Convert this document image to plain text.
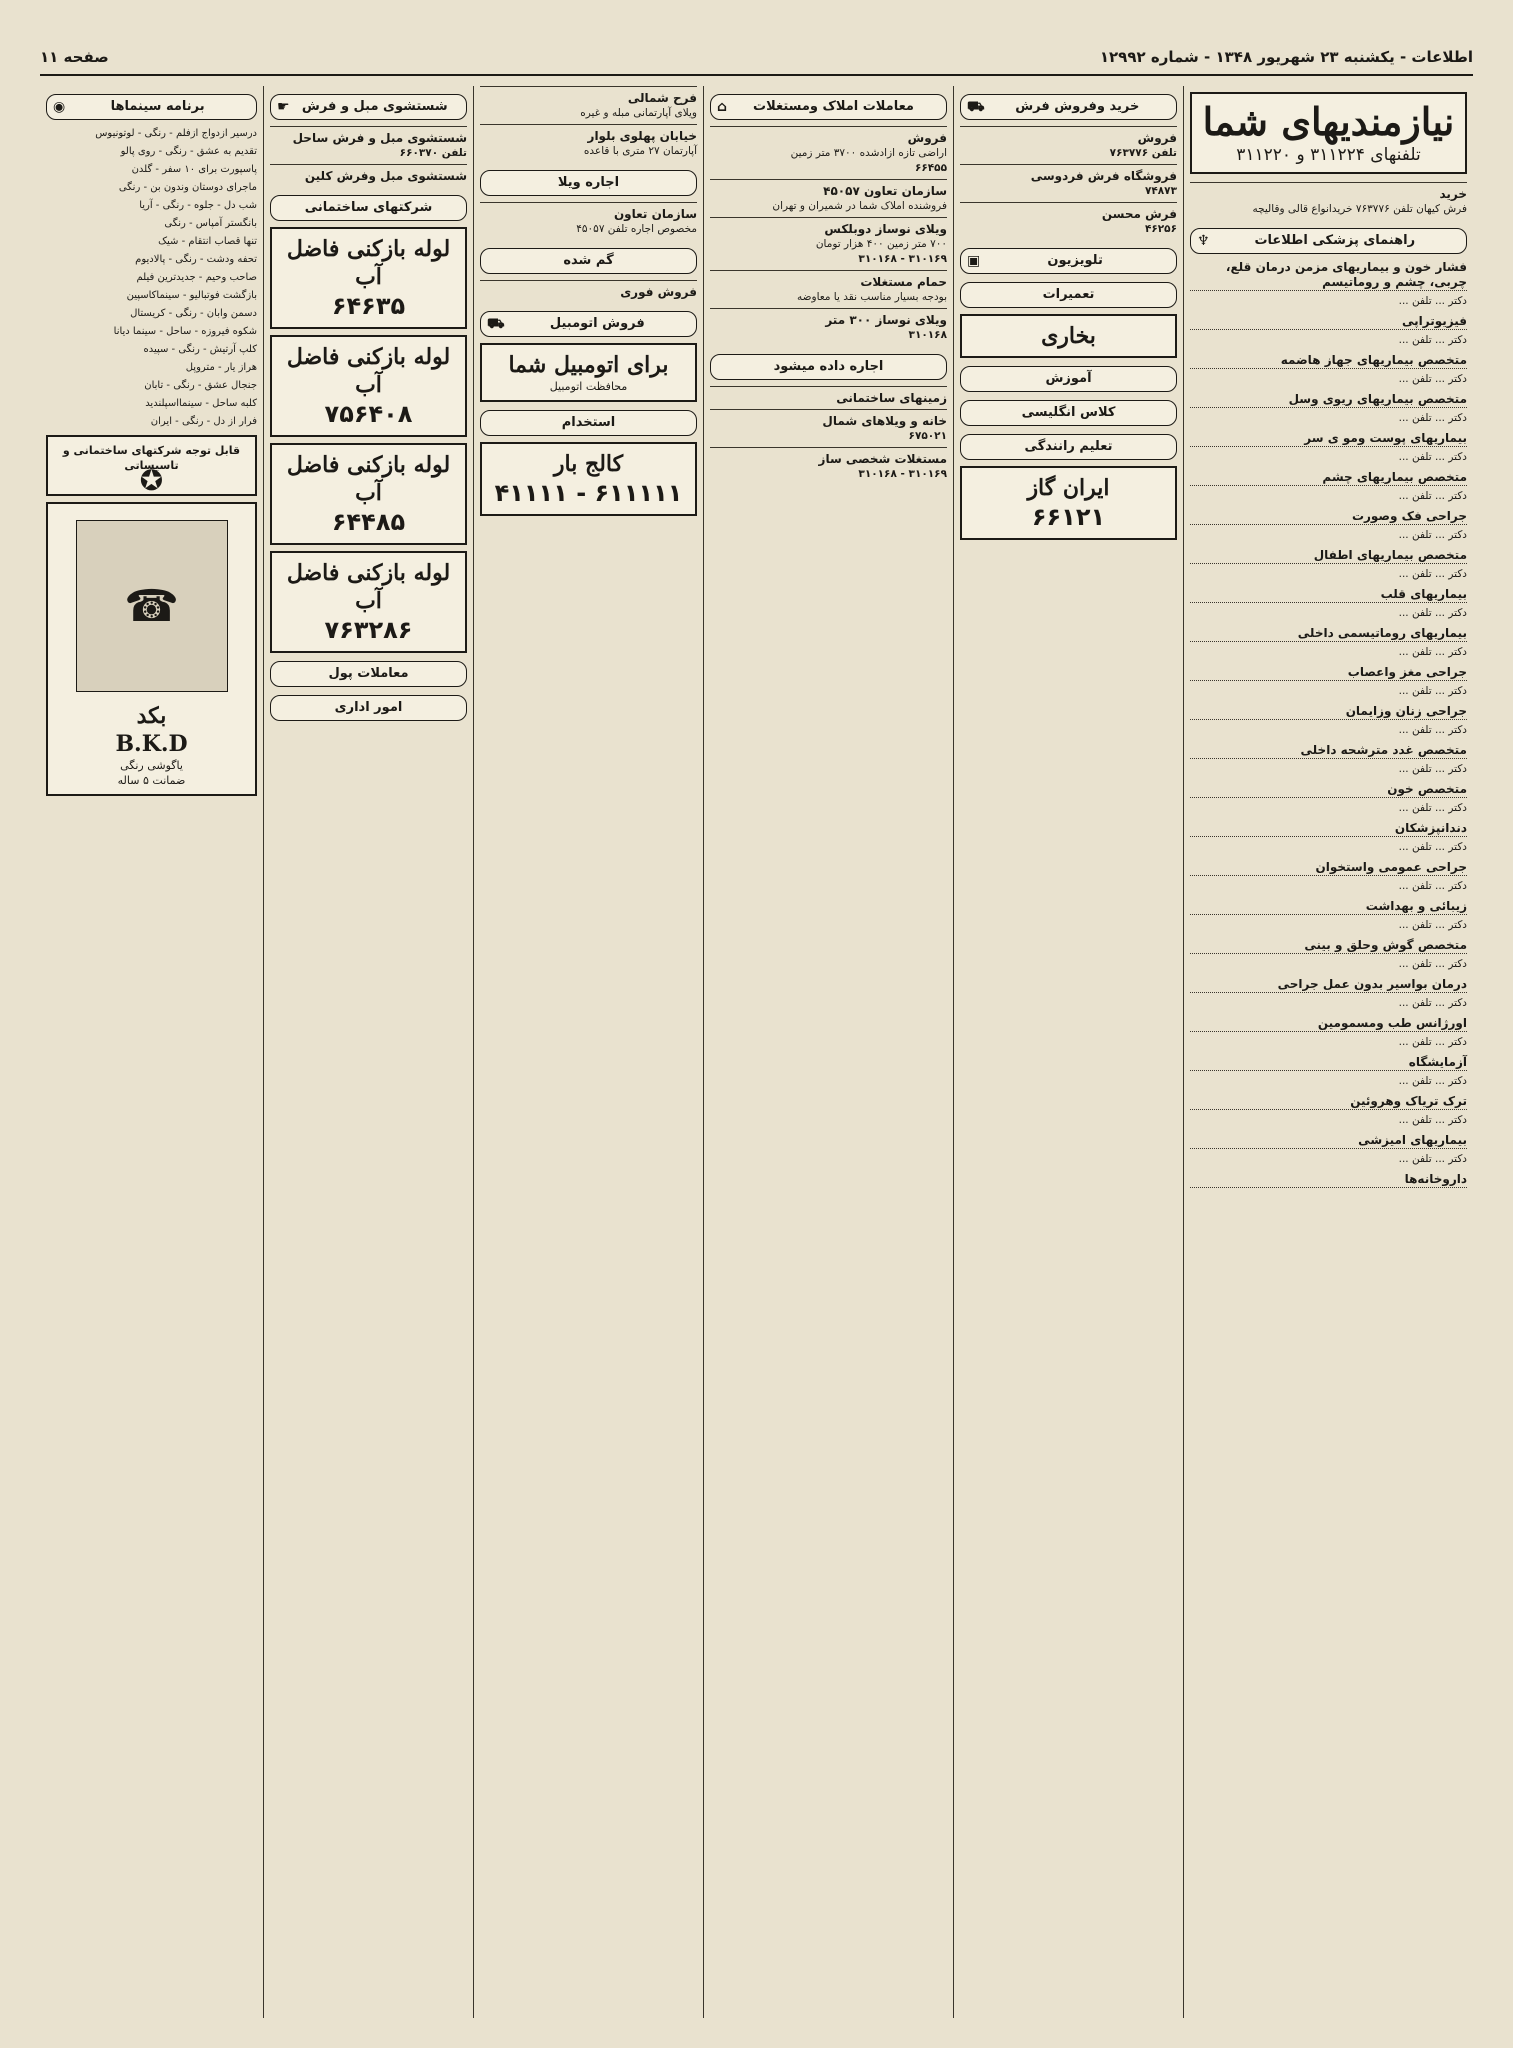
اطلاعات - یکشنبه ۲۳ شهریور ۱۳۴۸ - شماره ۱۲۹۹۲
صفحه ۱۱
نیازمندیهای شما
تلفنهای ۳۱۱۲۲۴ و ۳۱۱۲۲۰
خرید
فرش کیهان تلفن ۷۶۳۷۷۶ خریدانواع قالی وقالیچه
♆	راهنمای پزشکی اطلاعات
فشار خون و بیماریهای مزمن درمان قلع، چربی، چشم و روماتیسم
دکتر ... تلفن ...
فیزیوتراپی
دکتر ... تلفن ...
متخصص بیماریهای جهاز هاضمه
دکتر ... تلفن ...
متخصص بیماریهای ریوی وسل
دکتر ... تلفن ...
بیماریهای پوست ومو ی سر
دکتر ... تلفن ...
متخصص بیماریهای چشم
دکتر ... تلفن ...
جراحی فک وصورت
دکتر ... تلفن ...
متخصص بیماریهای اطفال
دکتر ... تلفن ...
بیماریهای قلب
دکتر ... تلفن ...
بیماریهای روماتیسمی داخلی
دکتر ... تلفن ...
جراحی مغز واعصاب
دکتر ... تلفن ...
جراحی زنان وزایمان
دکتر ... تلفن ...
متخصص غدد مترشحه داخلی
دکتر ... تلفن ...
متخصص خون
دکتر ... تلفن ...
دندانپزشکان
دکتر ... تلفن ...
جراحی عمومی واستخوان
دکتر ... تلفن ...
زیبائی و بهداشت
دکتر ... تلفن ...
متخصص گوش وحلق و بینی
دکتر ... تلفن ...
درمان بواسیر بدون عمل جراحی
دکتر ... تلفن ...
اورژانس طب ومسمومین
دکتر ... تلفن ...
آزمایشگاه
دکتر ... تلفن ...
ترک تریاک وهروئین
دکتر ... تلفن ...
بیماریهای امیزشی
دکتر ... تلفن ...
داروخانه‌ها
⛟ خرید وفروش فرش
فروش
تلفن ۷۶۳۷۷۶
فروشگاه فرش فردوسی
۷۴۸۷۳
فرش محسن
۴۶۲۵۶
▣	تلویزیون
تعمیرات
بخاری
آموزش
کلاس انگلیسی
تعلیم رانندگی
ایران گاز
۶۶۱۲۱
⌂ معاملات املاک ومستغلات
فروش
اراضی تازه ازادشده ۳۷۰۰ متر زمین
۶۶۴۵۵
سازمان تعاون ۴۵۰۵۷
فروشنده املاک شما در شمیران و تهران
ویلای نوساز دوبلکس
۷۰۰ متر زمین ۴۰۰ هزار تومان
۳۱۰۱۶۸ - ۳۱۰۱۶۹
حمام مستغلات
بودجه بسیار مناسب نقد یا معاوضه
ویلای نوساز ۳۰۰ متر
۳۱۰۱۶۸
اجاره داده میشود
زمینهای ساختمانی
خانه و ویلاهای شمال
۶۷۵۰۲۱
مستغلات شخصی ساز
۳۱۰۱۶۸ - ۳۱۰۱۶۹
فرح شمالی
ویلای آپارتمانی مبله و غیره
خیابان پهلوی بلوار
آپارتمان ۲۷ متری با قاعده
اجاره ویلا
سازمان تعاون
مخصوص اجاره تلفن ۴۵۰۵۷
گم شده
فروش فوری
⛟	فروش اتومبیل
برای اتومبیل شما
محافظت اتومبیل
استخدام
کالج بار
۶۱۱۱۱۱ - ۴۱۱۱۱
☛ شستشوی مبل و فرش
شستشوی مبل و فرش ساحل
تلفن ۶۶۰۳۷۰
شستشوی مبل وفرش کلین
شرکتهای ساختمانی
لوله بازکنی فاضل آب
۶۴۶۳۵
لوله بازکنی فاضل آب
۷۵۶۴۰۸
لوله بازکنی فاضل آب
۶۴۴۸۵
لوله بازکنی فاضل آب
۷۶۳۲۸۶
معاملات پول
امور اداری
◉	برنامه سینماها
درسیر ازدواج ازفلم - رنگی - لوتونیوس
تقدیم به عشق - رنگی - روی پالو
پاسپورت برای ۱۰ سفر - گلدن
ماجرای دوستان وندون بن - رنگی
شب دل - جلوه - رنگی - آریا
بانگستر آمپاس - رنگی
تنها قصاب انتقام - شیک
تحفه ودشت - رنگی - پالادیوم
صاحب وحیم - جدیدترین فیلم
بازگشت فوتبالیو - سینماکاسپین
دسمن وابان - رنگی - کریستال
شکوه فیروزه - ساحل - سینما دیانا
کلپ آرتیش - رنگی - سپیده
هراز یار - متروپل
جنجال عشق - رنگی - تابان
کلبه ساحل - سینمااسپلندید
فرار از دل - رنگی - ایران
قابل توجه شرکتهای ساختمانی و تاسیساتی
✪
☎
بکد
B.K.D
یاگوشی رنگی
ضمانت ۵ ساله
